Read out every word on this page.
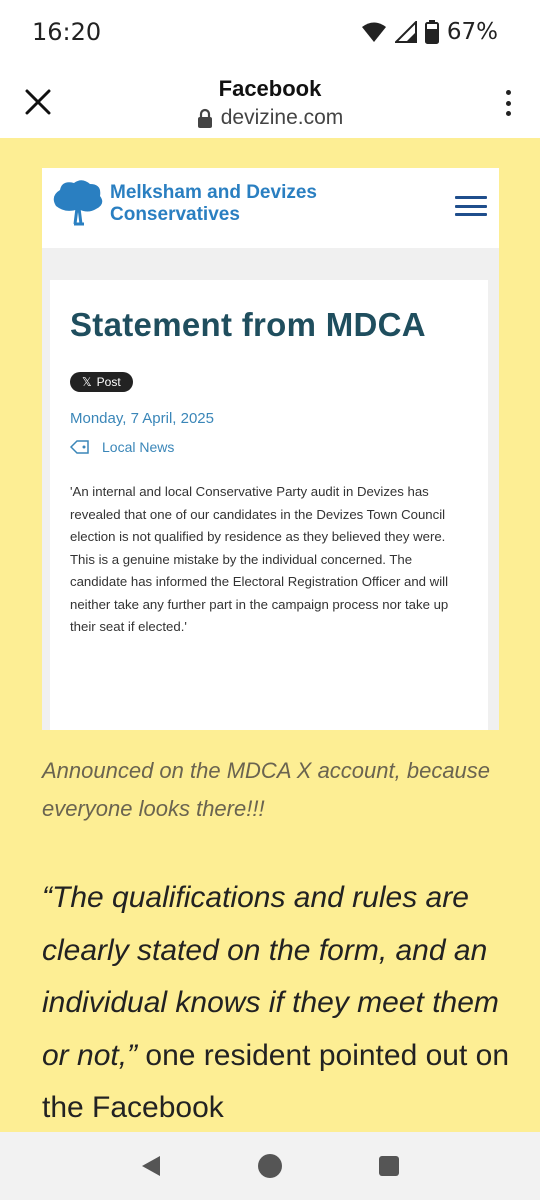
16:20	67%
Facebook
devizine.com
Melksham and Devizes
Conservatives
Statement from MDCA
𝕏 Post
Monday, 7 April, 2025
Local News
'An internal and local Conservative Party audit in Devizes has revealed that one of our candidates in the Devizes Town Council election is not qualified by residence as they believed they were. This is a genuine mistake by the individual concerned. The candidate has informed the Electoral Registration Officer and will neither take any further part in the campaign process nor take up their seat if elected.'
Announced on the MDCA X account, because everyone looks there!!!
“The qualifications and rules are clearly stated on the form, and an individual knows if they meet them or not,” one resident pointed out on the Facebook
